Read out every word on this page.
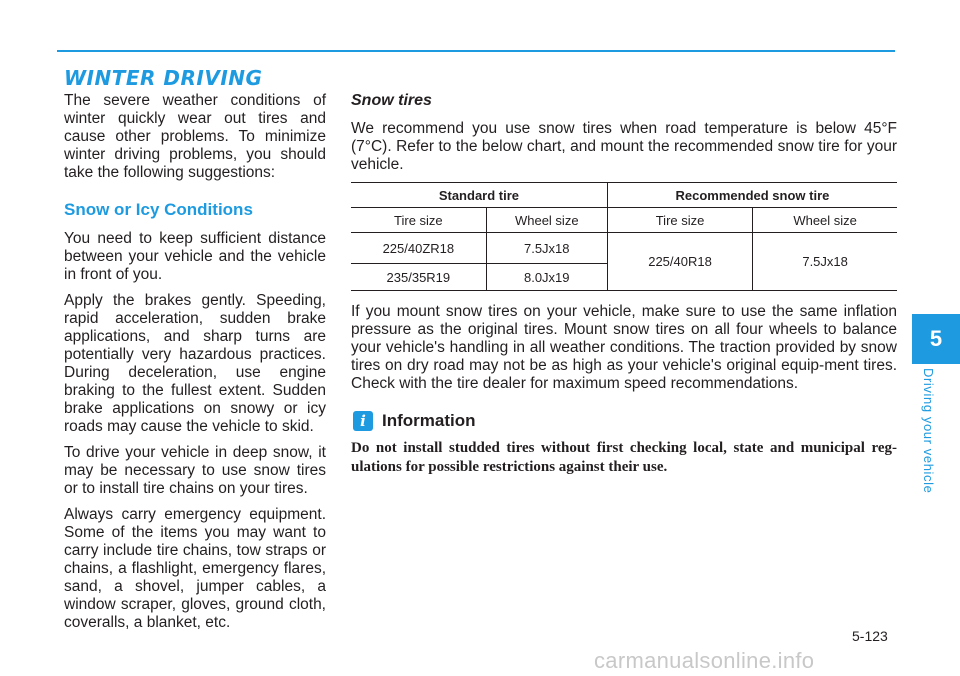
WINTER DRIVING

The severe weather conditions of winter quickly wear out tires and cause other problems. To minimize winter driving problems, you should take the following suggestions:

Snow or Icy Conditions

You need to keep sufficient distance between your vehicle and the vehicle in front of you.

Apply the brakes gently. Speeding, rapid acceleration, sudden brake applications, and sharp turns are potentially very hazardous practices. During deceleration, use engine braking to the fullest extent. Sudden brake applications on snowy or icy roads may cause the vehicle to skid.

To drive your vehicle in deep snow, it may be necessary to use snow tires or to install tire chains on your tires.

Always carry emergency equipment. Some of the items you may want to carry include tire chains, tow straps or chains, a flashlight, emergency flares, sand, a shovel, jumper cables, a window scraper, gloves, ground cloth, coveralls, a blanket, etc.

Snow tires

We recommend you use snow tires when road temperature is below 45°F (7°C). Refer to the below chart, and mount the recommended snow tire for your vehicle.

Standard tire		Recommended snow tire	
Tire size	Wheel size	Tire size	Wheel size
225/40ZR18	7.5Jx18	225/40R18	7.5Jx18
235/35R19	8.0Jx19		

If you mount snow tires on your vehicle, make sure to use the same inflation pressure as the original tires. Mount snow tires on all four wheels to balance your vehicle's handling in all weather conditions. The traction provided by snow tires on dry road may not be as high as your vehicle's original equip-ment tires. Check with the tire dealer for maximum speed recommendations.

i Information

Do not install studded tires without first checking local, state and municipal reg-ulations for possible restrictions against their use.

5
Driving your vehicle
5-123
carmanualsonline.info
